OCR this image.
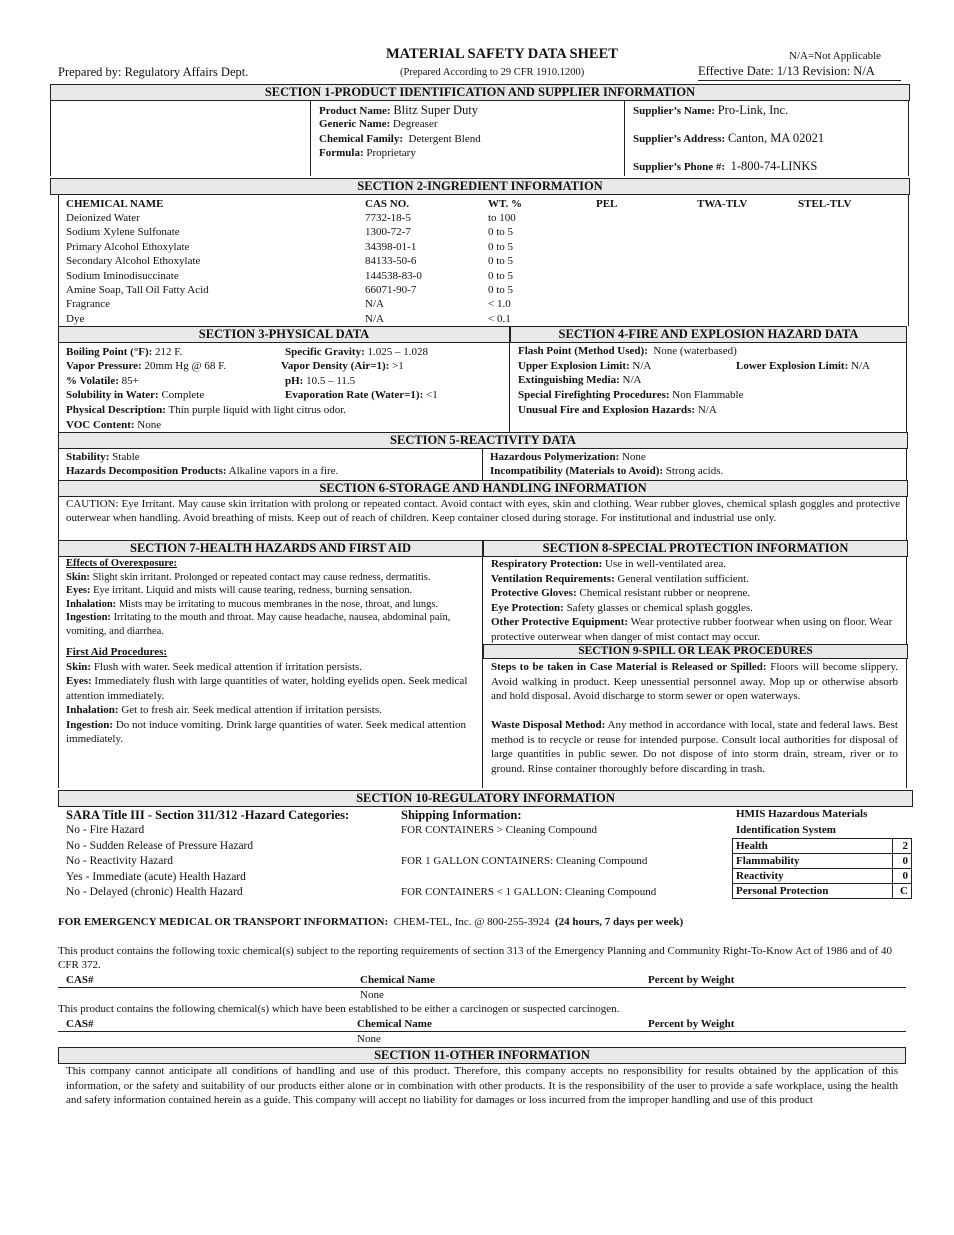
MATERIAL SAFETY DATA SHEET	N/A=Not Applicable
Prepared by: Regulatory Affairs Dept.	(Prepared According to 29 CFR 1910.1200)	Effective Date: 1/13 Revision: N/A
SECTION 1-PRODUCT IDENTIFICATION AND SUPPLIER INFORMATION
Product Name: Blitz Super Duty
Generic Name: Degreaser
Chemical Family: Detergent Blend
Formula: Proprietary
Supplier’s Name: Pro-Link, Inc.
Supplier’s Address: Canton, MA 02021
Supplier’s Phone #: 1-800-74-LINKS
SECTION 2-INGREDIENT INFORMATION
CHEMICAL NAME	CAS NO.	WT. %	PEL	TWA-TLV	STEL-TLV
Deionized Water	7732-18-5	to 100
Sodium Xylene Sulfonate	1300-72-7	0 to 5
Primary Alcohol Ethoxylate	34398-01-1	0 to 5
Secondary Alcohol Ethoxylate	84133-50-6	0 to 5
Sodium Iminodisuccinate	144538-83-0	0 to 5
Amine Soap, Tall Oil Fatty Acid	66071-90-7	0 to 5
Fragrance	N/A	< 1.0
Dye	N/A	< 0.1
SECTION 3-PHYSICAL DATA	SECTION 4-FIRE AND EXPLOSION HAZARD DATA
Boiling Point (°F): 212 F.	Specific Gravity: 1.025 – 1.028
Vapor Pressure: 20mm Hg @ 68 F.	Vapor Density (Air=1): >1
% Volatile: 85+	pH: 10.5 – 11.5
Solubility in Water: Complete	Evaporation Rate (Water=1): <1
Physical Description: Thin purple liquid with light citrus odor.
VOC Content: None
Flash Point (Method Used): None (waterbased)
Upper Explosion Limit: N/A	Lower Explosion Limit: N/A
Extinguishing Media: N/A
Special Firefighting Procedures: Non Flammable
Unusual Fire and Explosion Hazards: N/A
SECTION 5-REACTIVITY DATA
Stability: Stable
Hazards Decomposition Products: Alkaline vapors in a fire.
Hazardous Polymerization: None
Incompatibility (Materials to Avoid): Strong acids.
SECTION 6-STORAGE AND HANDLING INFORMATION
CAUTION: Eye Irritant. May cause skin irritation with prolong or repeated contact. Avoid contact with eyes, skin and clothing. Wear rubber gloves, chemical splash goggles and protective outerwear when handling. Avoid breathing of mists. Keep out of reach of children. Keep container closed during storage. For institutional and industrial use only.
SECTION 7-HEALTH HAZARDS AND FIRST AID	SECTION 8-SPECIAL PROTECTION INFORMATION
Effects of Overexposure:
Skin: Slight skin irritant. Prolonged or repeated contact may cause redness, dermatitis.
Eyes: Eye irritant. Liquid and mists will cause tearing, redness, burning sensation.
Inhalation: Mists may be irritating to mucous membranes in the nose, throat, and lungs.
Ingestion: Irritating to the mouth and throat. May cause headache, nausea, abdominal pain, vomiting, and diarrhea.
First Aid Procedures:
Skin: Flush with water. Seek medical attention if irritation persists.
Eyes: Immediately flush with large quantities of water, holding eyelids open. Seek medical attention immediately.
Inhalation: Get to fresh air. Seek medical attention if irritation persists.
Ingestion: Do not induce vomiting. Drink large quantities of water. Seek medical attention immediately.
Respiratory Protection: Use in well-ventilated area.
Ventilation Requirements: General ventilation sufficient.
Protective Gloves: Chemical resistant rubber or neoprene.
Eye Protection: Safety glasses or chemical splash goggles.
Other Protective Equipment: Wear protective rubber footwear when using on floor. Wear protective outerwear when danger of mist contact may occur.
SECTION 9-SPILL OR LEAK PROCEDURES
Steps to be taken in Case Material is Released or Spilled: Floors will become slippery. Avoid walking in product. Keep unessential personnel away. Mop up or otherwise absorb and hold disposal. Avoid discharge to storm sewer or open waterways.
Waste Disposal Method: Any method in accordance with local, state and federal laws. Best method is to recycle or reuse for intended purpose. Consult local authorities for disposal of large quantities in public sewer. Do not dispose of into storm drain, stream, river or to ground. Rinse container thoroughly before discarding in trash.
SECTION 10-REGULATORY INFORMATION
SARA Title III - Section 311/312 -Hazard Categories:
No - Fire Hazard
No - Sudden Release of Pressure Hazard
No - Reactivity Hazard
Yes - Immediate (acute) Health Hazard
No - Delayed (chronic) Health Hazard
Shipping Information:
FOR CONTAINERS > Cleaning Compound
FOR 1 GALLON CONTAINERS: Cleaning Compound
FOR CONTAINERS < 1 GALLON: Cleaning Compound
HMIS Hazardous Materials
Identification System
Health	2
Flammability	0
Reactivity	0
Personal Protection	C
FOR EMERGENCY MEDICAL OR TRANSPORT INFORMATION: CHEM-TEL, Inc. @ 800-255-3924 (24 hours, 7 days per week)
This product contains the following toxic chemical(s) subject to the reporting requirements of section 313 of the Emergency Planning and Community Right-To-Know Act of 1986 and of 40 CFR 372.
CAS#	Chemical Name	Percent by Weight
None
This product contains the following chemical(s) which have been established to be either a carcinogen or suspected carcinogen.
CAS#	Chemical Name	Percent by Weight
None
SECTION 11-OTHER INFORMATION
This company cannot anticipate all conditions of handling and use of this product. Therefore, this company accepts no responsibility for results obtained by the application of this information, or the safety and suitability of our products either alone or in combination with other products. It is the responsibility of the user to provide a safe workplace, using the health and safety information contained herein as a guide. This company will accept no liability for damages or loss incurred from the improper handling and use of this product
